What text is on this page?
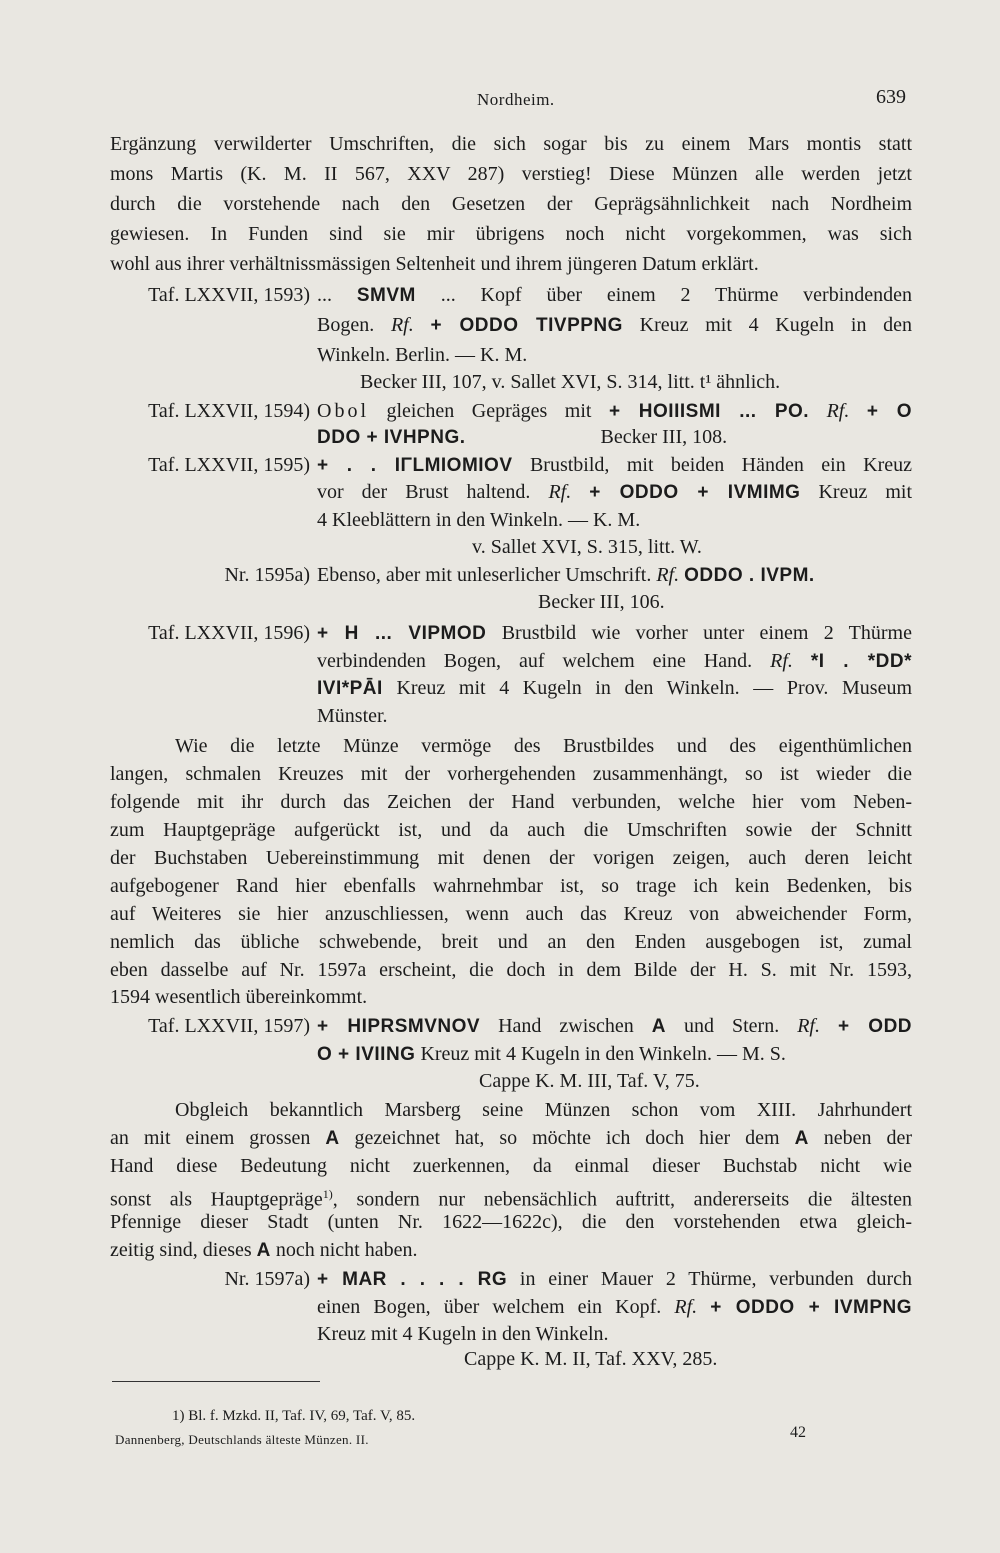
Nordheim.	639
Ergänzung verwilderter Umschriften, die sich sogar bis zu einem Mars montis statt
mons Martis (K. M. II 567, XXV 287) verstieg! Diese Münzen alle werden jetzt
durch die vorstehende nach den Gesetzen der Geprägsähnlichkeit nach Nordheim
gewiesen. In Funden sind sie mir übrigens noch nicht vorgekommen, was sich
wohl aus ihrer verhältnissmässigen Seltenheit und ihrem jüngeren Datum erklärt.
Taf. LXXVII, 1593) ... SMVM ... Kopf über einem 2 Thürme verbindenden
Bogen. Rf. + ODDO TIVPPNG Kreuz mit 4 Kugeln in den
Winkeln. Berlin. — K. M.
Becker III, 107, v. Sallet XVI, S. 314, litt. t¹ ähnlich.
Taf. LXXVII, 1594) Obol gleichen Gepräges mit + HOIIISMI ... PO. Rf. + O
DDO + IVHPNG.	Becker III, 108.
Taf. LXXVII, 1595) + . . IΓLMIOMIOV Brustbild, mit beiden Händen ein Kreuz
vor der Brust haltend. Rf. + ODDO + IVMIMG Kreuz mit
4 Kleeblättern in den Winkeln. — K. M.
v. Sallet XVI, S. 315, litt. W.
Nr. 1595a) Ebenso, aber mit unleserlicher Umschrift. Rf. ODDO . IVPM.
Becker III, 106.
Taf. LXXVII, 1596) + H ... VIPMOD Brustbild wie vorher unter einem 2 Thürme
verbindenden Bogen, auf welchem eine Hand. Rf. *I . *DD*
IVI*PĀI Kreuz mit 4 Kugeln in den Winkeln. — Prov. Museum
Münster.
Wie die letzte Münze vermöge des Brustbildes und des eigenthümlichen
langen, schmalen Kreuzes mit der vorhergehenden zusammenhängt, so ist wieder die
folgende mit ihr durch das Zeichen der Hand verbunden, welche hier vom Neben-
zum Hauptgepräge aufgerückt ist, und da auch die Umschriften sowie der Schnitt
der Buchstaben Uebereinstimmung mit denen der vorigen zeigen, auch deren leicht
aufgebogener Rand hier ebenfalls wahrnehmbar ist, so trage ich kein Bedenken, bis
auf Weiteres sie hier anzuschliessen, wenn auch das Kreuz von abweichender Form,
nemlich das übliche schwebende, breit und an den Enden ausgebogen ist, zumal
eben dasselbe auf Nr. 1597a erscheint, die doch in dem Bilde der H. S. mit Nr. 1593,
1594 wesentlich übereinkommt.
Taf. LXXVII, 1597) + HIPRSMVNOV Hand zwischen A und Stern. Rf. + ODD
O + IVIING Kreuz mit 4 Kugeln in den Winkeln. — M. S.
Cappe K. M. III, Taf. V, 75.
Obgleich bekanntlich Marsberg seine Münzen schon vom XIII. Jahrhundert
an mit einem grossen A gezeichnet hat, so möchte ich doch hier dem A neben der
Hand diese Bedeutung nicht zuerkennen, da einmal dieser Buchstab nicht wie
sonst als Hauptgepräge$^{1)}$, sondern nur nebensächlich auftritt, andererseits die ältesten
Pfennige dieser Stadt (unten Nr. 1622—1622c), die den vorstehenden etwa gleich-
zeitig sind, dieses A noch nicht haben.
Nr. 1597a) + MAR . . . . RG in einer Mauer 2 Thürme, verbunden durch
einen Bogen, über welchem ein Kopf. Rf. + ODDO + IVMPNG
Kreuz mit 4 Kugeln in den Winkeln.
Cappe K. M. II, Taf. XXV, 285.
1) Bl. f. Mzkd. II, Taf. IV, 69, Taf. V, 85.
Dannenberg, Deutschlands älteste Münzen. II.	42
